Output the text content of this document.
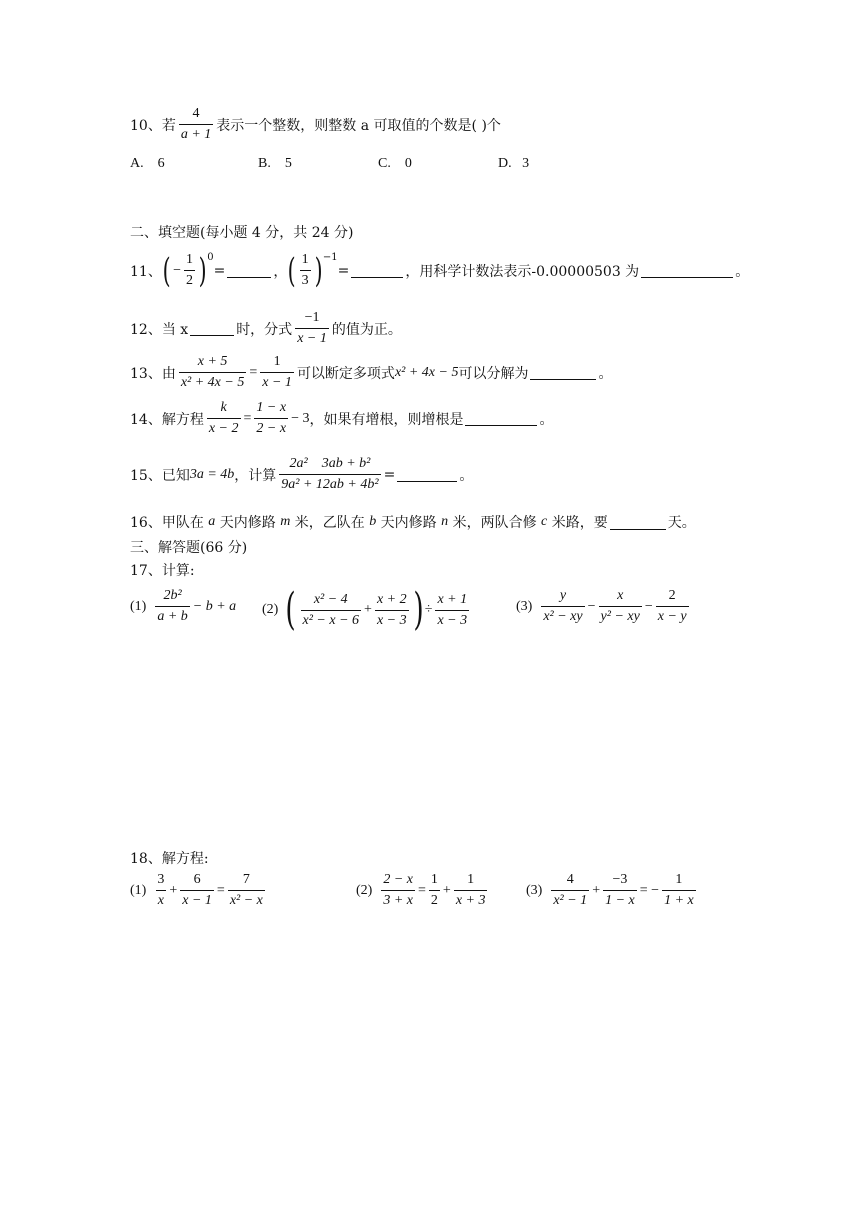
10、 若 $\frac{4}{a + 1}$ 表示一个整数，则整数 a 可取值的个数是( )个
A. 6	B. 5	C. 0	D. 3
二、填空题(每小题 4 分，共 24 分)
11、 ( − $\frac{1}{2} )^0$
=	， ( $\frac{1}{3} )^{-1}$
=	，用科学计数法表示-0.00000503 为	。
12、 当 x	时，分式 $\frac{-1}{x - 1}$ 的值为正。
13、 由 $\frac{x + 5}{\text{x² + 4x − 5}} = \frac{1}{x - 1}$ 可以断定多项式 x² + 4x − 5 可以分解为	。
14、 解方程 $\frac{k}{x - 2} = \frac{1 - x}{2 - x} - 3$ ，如果有增根，则增根是	。
15、 已知 3a = 4b ，计算 $\frac{\text{2a²    3ab + b²}}{\text{9a² + 12ab + 4b²}}$ =	。
16、 甲队在 a 天内修路 m 米，乙队在 b 天内修路 n 米，两队合修 c 米路，要	天。
三、解答题(66 分)
17、计算:
$(1) \frac{\text{2b²}}{a + b} - b + a$ (2) ( $\frac{\text{x² − 4}}{\text{x² − x − 6}} + \frac{x + 2}{x - 3}$ ) ÷ $\frac{x + 1}{x - 3}$	$(3) \frac{y}{\text{x² − xy}} - \frac{x}{\text{y² − xy}} - \frac{2}{x - y}$
18、解方程:
$(1) \frac{3}{x} + \frac{6}{x - 1} = \frac{7}{\text{x² − x}}$	$(2) \frac{2 - x}{3 + x} = \frac{1}{2} + \frac{1}{x + 3}$	$(3) \frac{4}{\text{x² − 1}} + \frac{-3}{1 - x}$ = − $\frac{1}{1 + x}$
